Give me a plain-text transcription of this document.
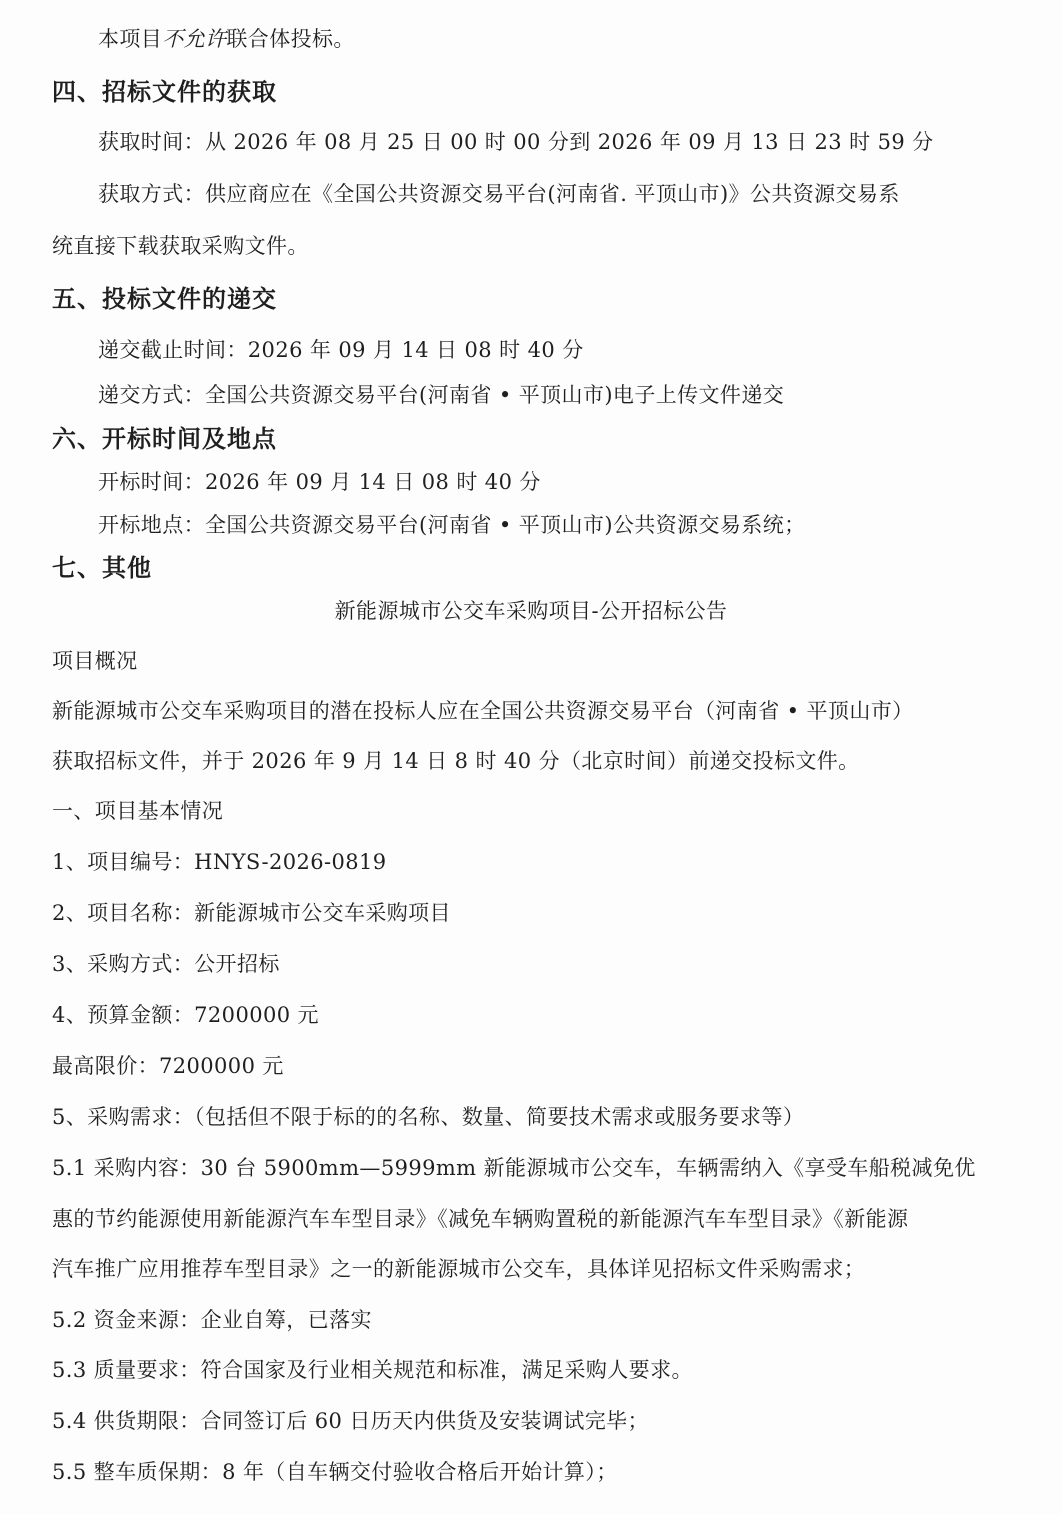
本项目不允许联合体投标。
四、招标文件的获取
获取时间：从 2026 年 08 月 25 日 00 时 00 分到 2026 年 09 月 13 日 23 时 59 分
获取方式：供应商应在《全国公共资源交易平台(河南省. 平顶山市)》公共资源交易系
统直接下载获取采购文件。
五、投标文件的递交
递交截止时间：2026 年 09 月 14 日 08 时 40 分
递交方式：全国公共资源交易平台(河南省 • 平顶山市)电子上传文件递交
六、开标时间及地点
开标时间：2026 年 09 月 14 日 08 时 40 分
开标地点：全国公共资源交易平台(河南省 • 平顶山市)公共资源交易系统；
七、其他
新能源城市公交车采购项目-公开招标公告
项目概况
新能源城市公交车采购项目的潜在投标人应在全国公共资源交易平台（河南省 • 平顶山市）
获取招标文件，并于 2026 年 9 月 14 日 8 时 40 分（北京时间）前递交投标文件。
一、项目基本情况
1、项目编号：HNYS-2026-0819
2、项目名称：新能源城市公交车采购项目
3、采购方式：公开招标
4、预算金额：7200000 元
最高限价：7200000 元
5、采购需求：（包括但不限于标的的名称、数量、简要技术需求或服务要求等）
5.1 采购内容：30 台 5900mm—5999mm 新能源城市公交车，车辆需纳入《享受车船税减免优
惠的节约能源使用新能源汽车车型目录》《减免车辆购置税的新能源汽车车型目录》《新能源
汽车推广应用推荐车型目录》之一的新能源城市公交车，具体详见招标文件采购需求；
5.2 资金来源：企业自筹，已落实
5.3 质量要求：符合国家及行业相关规范和标准，满足采购人要求。
5.4 供货期限：合同签订后 60 日历天内供货及安装调试完毕；
5.5 整车质保期：8 年（自车辆交付验收合格后开始计算）；
